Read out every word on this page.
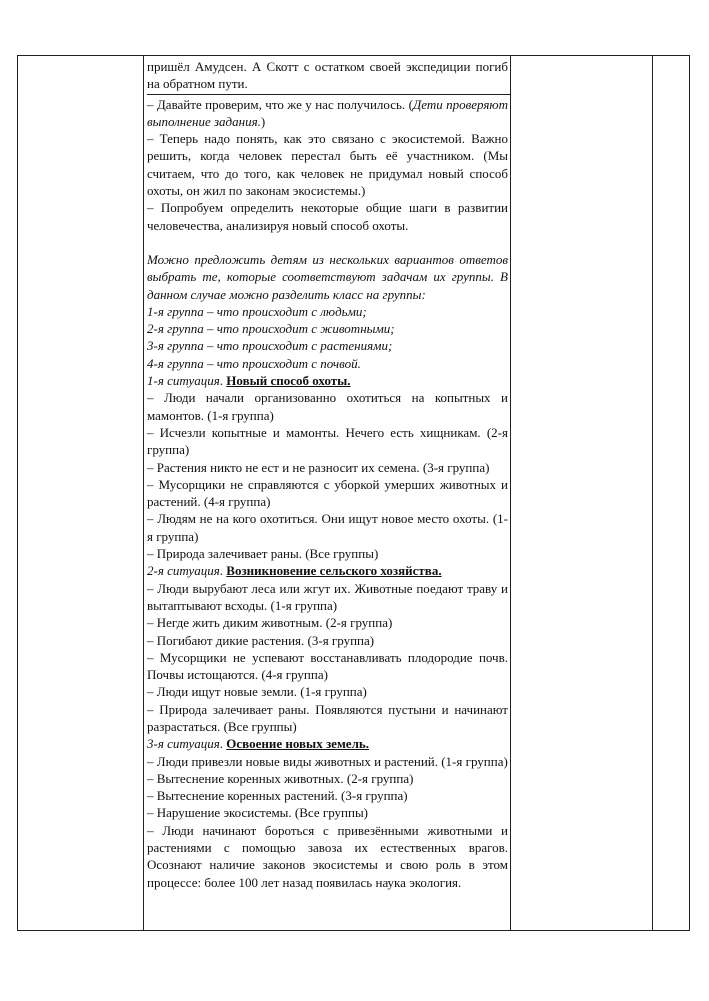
пришёл Амудсен. А Скотт с остатком своей экспедиции погиб на обратном пути.

– Давайте проверим, что же у нас получилось. (Дети проверяют выполнение задания.)

– Теперь надо понять, как это связано с экосистемой. Важно решить, когда человек перестал быть её участником. (Мы считаем, что до того, как человек не придумал новый способ охоты, он жил по законам экосистемы.)

– Попробуем определить некоторые общие шаги в развитии человечества, анализируя новый способ охоты.

Можно предложить детям из нескольких вариантов ответов выбрать те, которые соответствуют задачам их группы. В данном случае можно разделить класс на группы:

1-я группа – что происходит с людьми;

2-я группа – что происходит с животными;

3-я группа – что происходит с растениями;

4-я группа – что происходит с почвой.

1-я ситуация. Новый способ охоты.

– Люди начали организованно охотиться на копытных и мамонтов. (1-я группа)

– Исчезли копытные и мамонты. Нечего есть хищникам. (2-я группа)

– Растения никто не ест и не разносит их семена. (3-я группа)

– Мусорщики не справляются с уборкой умерших животных и растений. (4-я группа)

– Людям не на кого охотиться. Они ищут новое место охоты. (1-я группа)

– Природа залечивает раны. (Все группы)

2-я ситуация. Возникновение сельского хозяйства.

– Люди вырубают леса или жгут их. Животные поедают траву и вытаптывают всходы. (1-я группа)

– Негде жить диким животным. (2-я группа)

– Погибают дикие растения. (3-я группа)

– Мусорщики не успевают восстанавливать плодородие почв. Почвы истощаются. (4-я группа)

– Люди ищут новые земли. (1-я группа)

– Природа залечивает раны. Появляются пустыни и начинают разрастаться. (Все группы)

3-я ситуация. Освоение новых земель.

– Люди привезли новые виды животных и растений. (1-я группа)

– Вытеснение коренных животных. (2-я группа)

– Вытеснение коренных растений. (3-я группа)

– Нарушение экосистемы. (Все группы)

– Люди начинают бороться с привезёнными животными и растениями с помощью завоза их естественных врагов. Осознают наличие законов экосистемы и свою роль в этом процессе: более 100 лет назад появилась наука экология.
